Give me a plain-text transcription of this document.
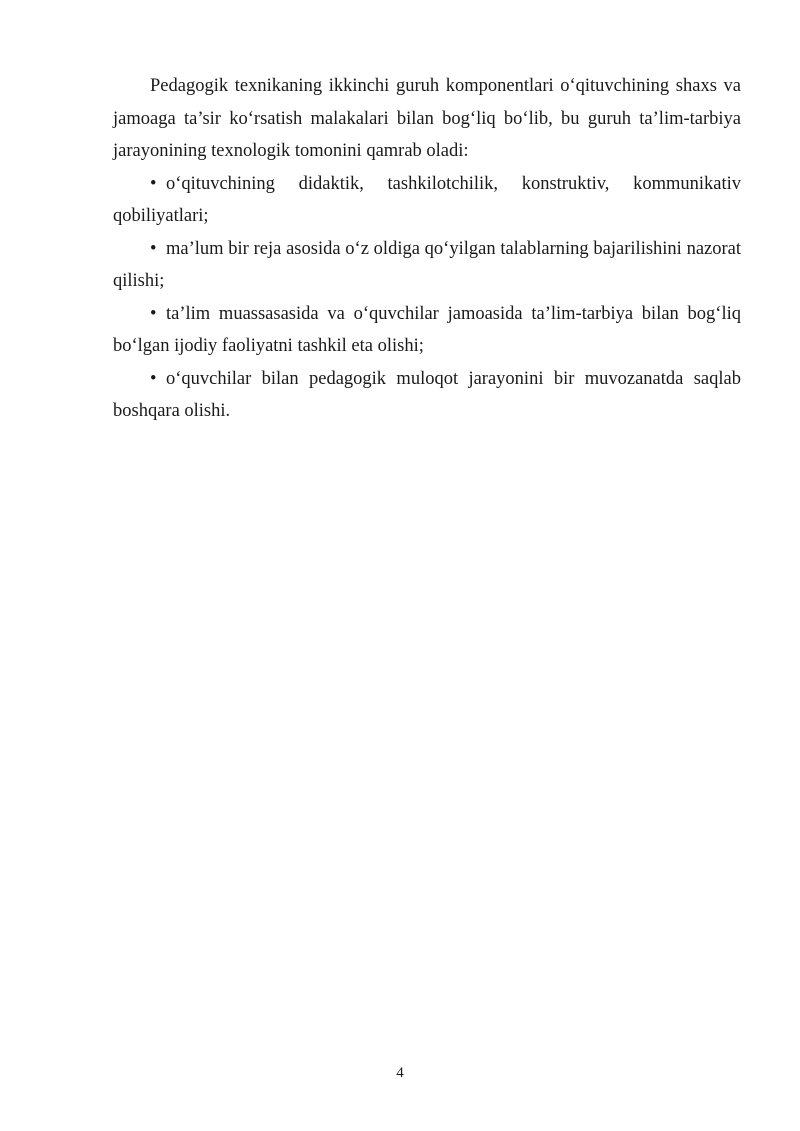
Pedagogik texnikaning ikkinchi guruh komponentlari o‘qituvchining shaxs va jamoaga ta’sir ko‘rsatish malakalari bilan bog‘liq bo‘lib, bu guruh ta’lim-tarbiya jarayonining texnologik tomonini qamrab oladi:

• o‘qituvchining didaktik, tashkilotchilik, konstruktiv, kommunikativ qobiliyatlari;

• ma’lum bir reja asosida o‘z oldiga qo‘yilgan talablarning bajarilishini nazorat qilishi;

• ta’lim muassasasida va o‘quvchilar jamoasida ta’lim-tarbiya bilan bog‘liq bo‘lgan ijodiy faoliyatni tashkil eta olishi;

• o‘quvchilar bilan pedagogik muloqot jarayonini bir muvozanatda saqlab boshqara olishi.

4
